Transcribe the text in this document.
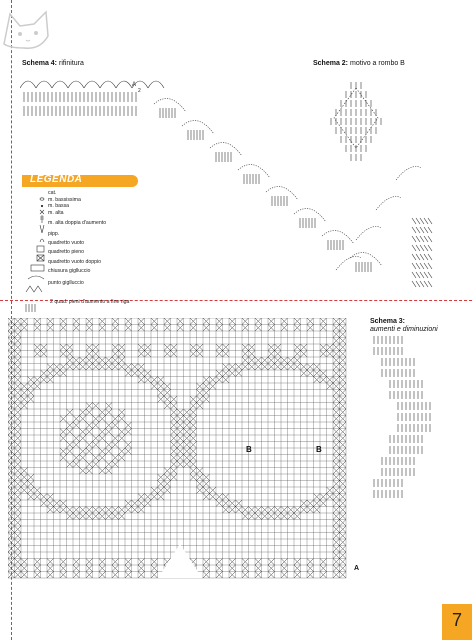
Schema 4: rifinitura	Schema 2: motivo a rombo B
A
2
LEGENDA
cat.
m. bassissima
m. bassa
m. alta
m. alta doppia d'aumento
pipp.
quadretto vuoto
quadretto pieno
quadretto vuoto doppio
chiusura giglluccio
punto giglluccio
2 quad. pieni d'aumento a fine riga
Schema 3:
aumenti e diminuzioni
B	B
A
7
